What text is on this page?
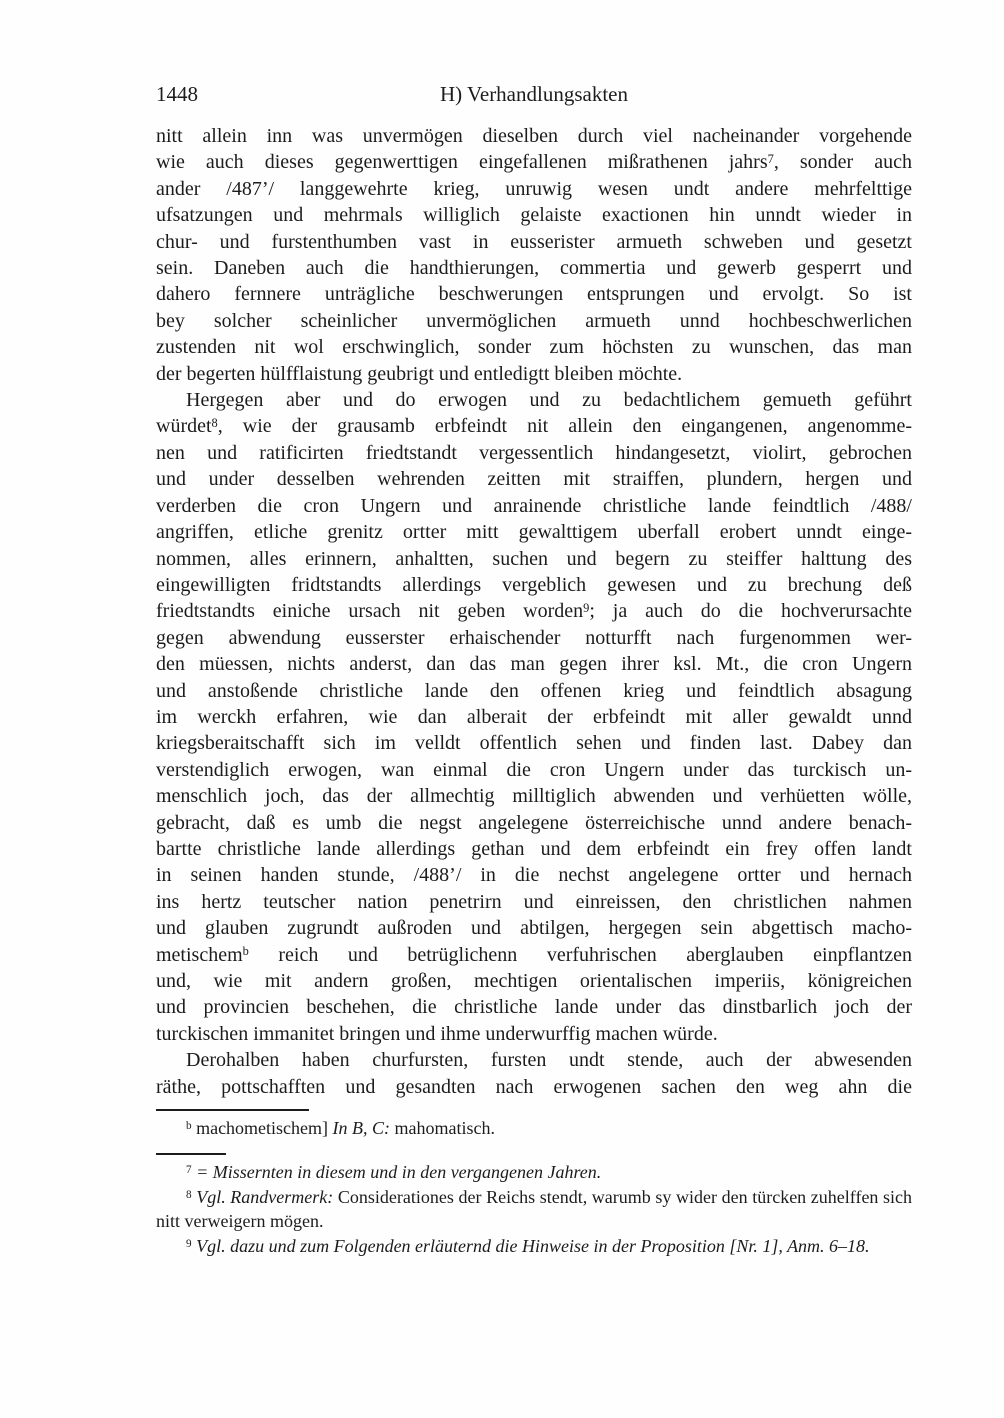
1448	H) Verhandlungsakten
nitt allein inn was unvermögen dieselben durch viel nacheinander vorgehende
wie auch dieses gegenwerttigen eingefallenen mißrathenen jahrs$^7$, sonder auch
ander /487’/ langgewehrte krieg, unruwig wesen undt andere mehrfelttige
ufsatzungen und mehrmals williglich gelaiste exactionen hin unndt wieder in
chur- und furstenthumben vast in eusserister armueth schweben und gesetzt
sein. Daneben auch die handthierungen, commertia und gewerb gesperrt und
dahero fernnere unträgliche beschwerungen entsprungen und ervolgt. So ist
bey solcher scheinlicher unvermöglichen armueth unnd hochbeschwerlichen
zustenden nit wol erschwinglich, sonder zum höchsten zu wunschen, das man
der begerten hülfflaistung geubrigt und entledigtt bleiben möchte.
Hergegen aber und do erwogen und zu bedachtlichem gemueth geführt
würdet$^8$, wie der grausamb erbfeindt nit allein den eingangenen, angenomme-
nen und ratificirten friedtstandt vergessentlich hindangesetzt, violirt, gebrochen
und under desselben wehrenden zeitten mit straiffen, plundern, hergen und
verderben die cron Ungern und anrainende christliche lande feindtlich /488/
angriffen, etliche grenitz ortter mitt gewalttigem uberfall erobert unndt einge-
nommen, alles erinnern, anhaltten, suchen und begern zu steiffer halttung des
eingewilligten fridtstandts allerdings vergeblich gewesen und zu brechung deß
friedtstandts einiche ursach nit geben worden$^9$; ja auch do die hochverursachte
gegen abwendung eusserster erhaischender notturfft nach furgenommen wer-
den müessen, nichts anderst, dan das man gegen ihrer ksl. Mt., die cron Ungern
und anstoßende christliche lande den offenen krieg und feindtlich absagung
im werckh erfahren, wie dan alberait der erbfeindt mit aller gewaldt unnd
kriegsberaitschafft sich im velldt offentlich sehen und finden last. Dabey dan
verstendiglich erwogen, wan einmal die cron Ungern under das turckisch un-
menschlich joch, das der allmechtig milltiglich abwenden und verhüetten wölle,
gebracht, daß es umb die negst angelegene österreichische unnd andere benach-
bartte christliche lande allerdings gethan und dem erbfeindt ein frey offen landt
in seinen handen stunde, /488’/ in die nechst angelegene ortter und hernach
ins hertz teutscher nation penetrirn und einreissen, den christlichen nahmen
und glauben zugrundt außroden und abtilgen, hergegen sein abgettisch macho-
metischem$^b$ reich und betrüglichenn verfuhrischen aberglauben einpflantzen
und, wie mit andern großen, mechtigen orientalischen imperiis, königreichen
und provincien beschehen, die christliche lande under das dinstbarlich joch der
turckischen immanitet bringen und ihme underwurffig machen würde.
Derohalben haben churfursten, fursten undt stende, auch der abwesenden
räthe, pottschafften und gesandten nach erwogenen sachen den weg ahn die
$^b$ machometischem] In B, C: mahomatisch.
$^7$ = Missernten in diesem und in den vergangenen Jahren.
$^8$ Vgl. Randvermerk: Considerationes der Reichs stendt, warumb sy wider den türcken zuhelffen sich nitt verweigern mögen.
$^9$ Vgl. dazu und zum Folgenden erläuternd die Hinweise in der Proposition [Nr. 1], Anm. 6–18.
